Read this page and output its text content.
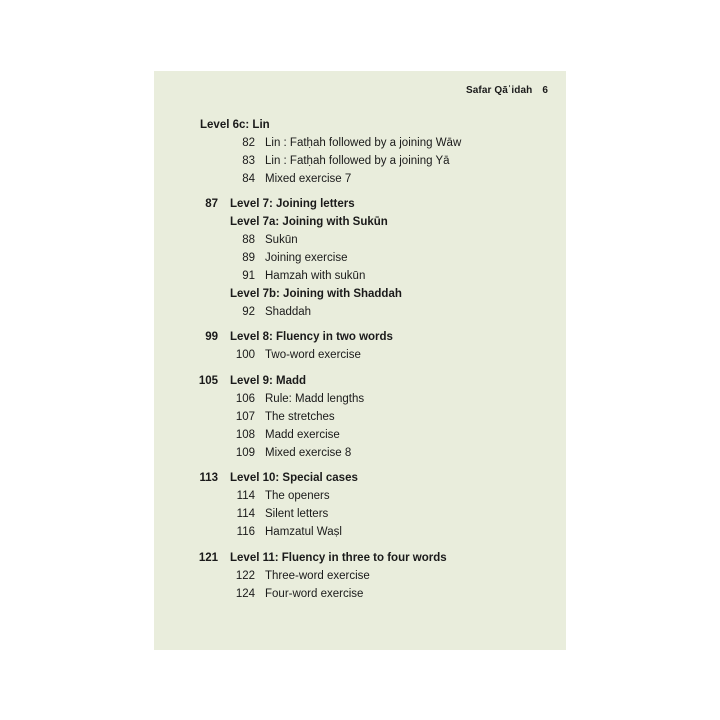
Safar Qāʾidah 6
Level 6c: Lin
82 Lin : Fatḥah followed by a joining Wāw
83 Lin : Fatḥah followed by a joining Yā
84 Mixed exercise 7
87 Level 7: Joining letters
Level 7a: Joining with Sukūn
88 Sukūn
89 Joining exercise
91 Hamzah with sukūn
Level 7b: Joining with Shaddah
92 Shaddah
99 Level 8: Fluency in two words
100 Two-word exercise
105 Level 9: Madd
106 Rule: Madd lengths
107 The stretches
108 Madd exercise
109 Mixed exercise 8
113 Level 10: Special cases
114 The openers
114 Silent letters
116 Hamzatul Waṣl
121 Level 11: Fluency in three to four words
122 Three-word exercise
124 Four-word exercise
